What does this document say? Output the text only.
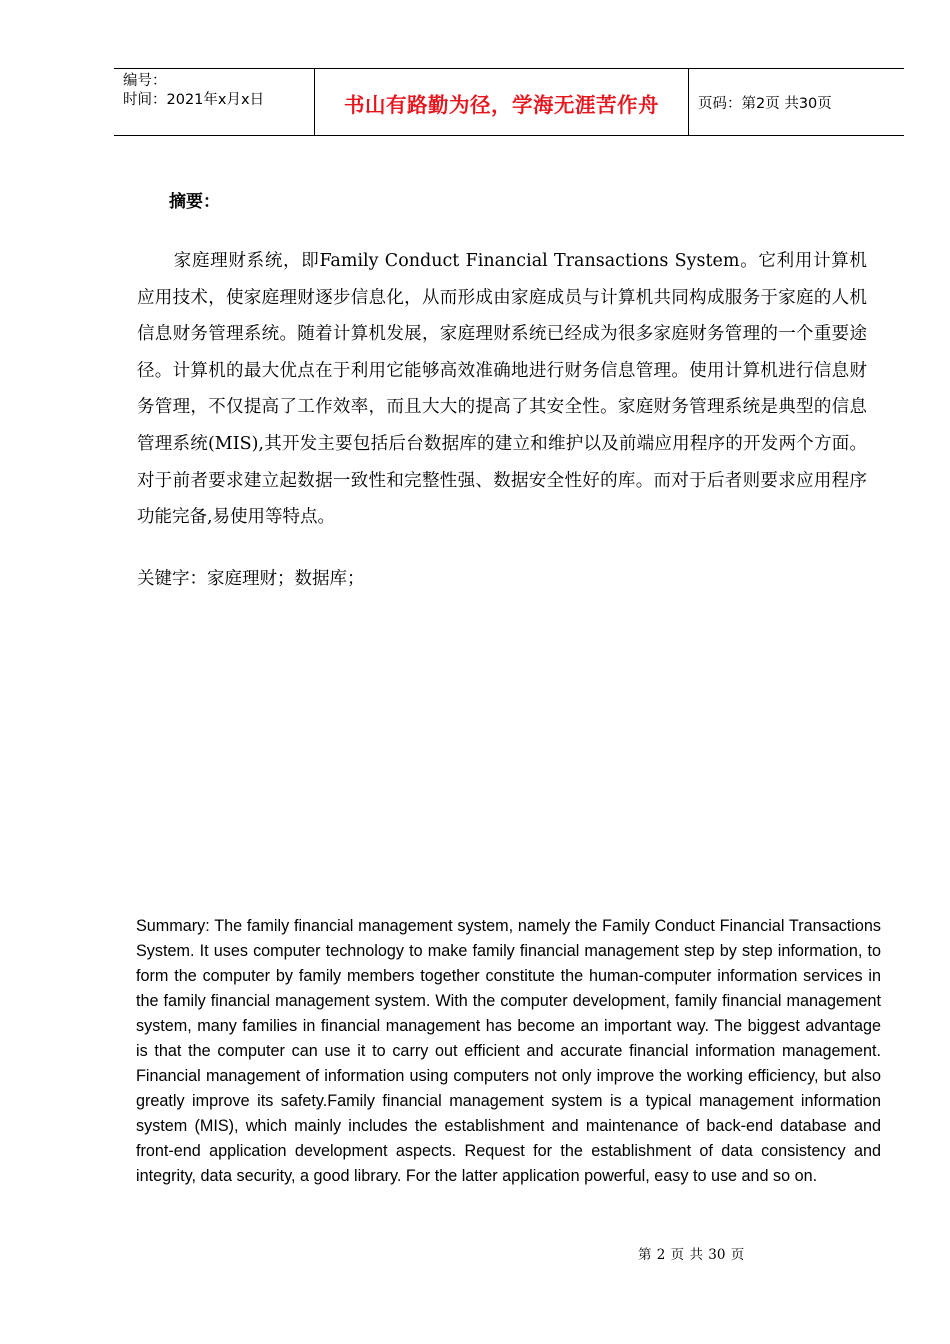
编号：
时间：2021年x月x日	书山有路勤为径，学海无涯苦作舟	页码：第2页 共30页
摘要：

家庭理财系统，即Family Conduct Financial Transactions System。它利用计算机应用技术，使家庭理财逐步信息化，从而形成由家庭成员与计算机共同构成服务于家庭的人机信息财务管理系统。随着计算机发展，家庭理财系统已经成为很多家庭财务管理的一个重要途径。计算机的最大优点在于利用它能够高效准确地进行财务信息管理。使用计算机进行信息财务管理，不仅提高了工作效率，而且大大的提高了其安全性。家庭财务管理系统是典型的信息管理系统(MIS),其开发主要包括后台数据库的建立和维护以及前端应用程序的开发两个方面。对于前者要求建立起数据一致性和完整性强、数据安全性好的库。而对于后者则要求应用程序功能完备,易使用等特点。

关键字：家庭理财；数据库；

Summary: The family financial management system, namely the Family Conduct Financial Transactions System. It uses computer technology to make family financial management step by step information, to form the computer by family members together constitute the human-computer information services in the family financial management system. With the computer development, family financial management system, many families in financial management has become an important way. The biggest advantage is that the computer can use it to carry out efficient and accurate financial information management. Financial management of information using computers not only improve the working efficiency, but also greatly improve its safety.Family financial management system is a typical management information system (MIS), which mainly includes the establishment and maintenance of back-end database and front-end application development aspects. Request for the establishment of data consistency and integrity, data security, a good library. For the latter application powerful, easy to use and so on.

第 2 页 共 30 页
